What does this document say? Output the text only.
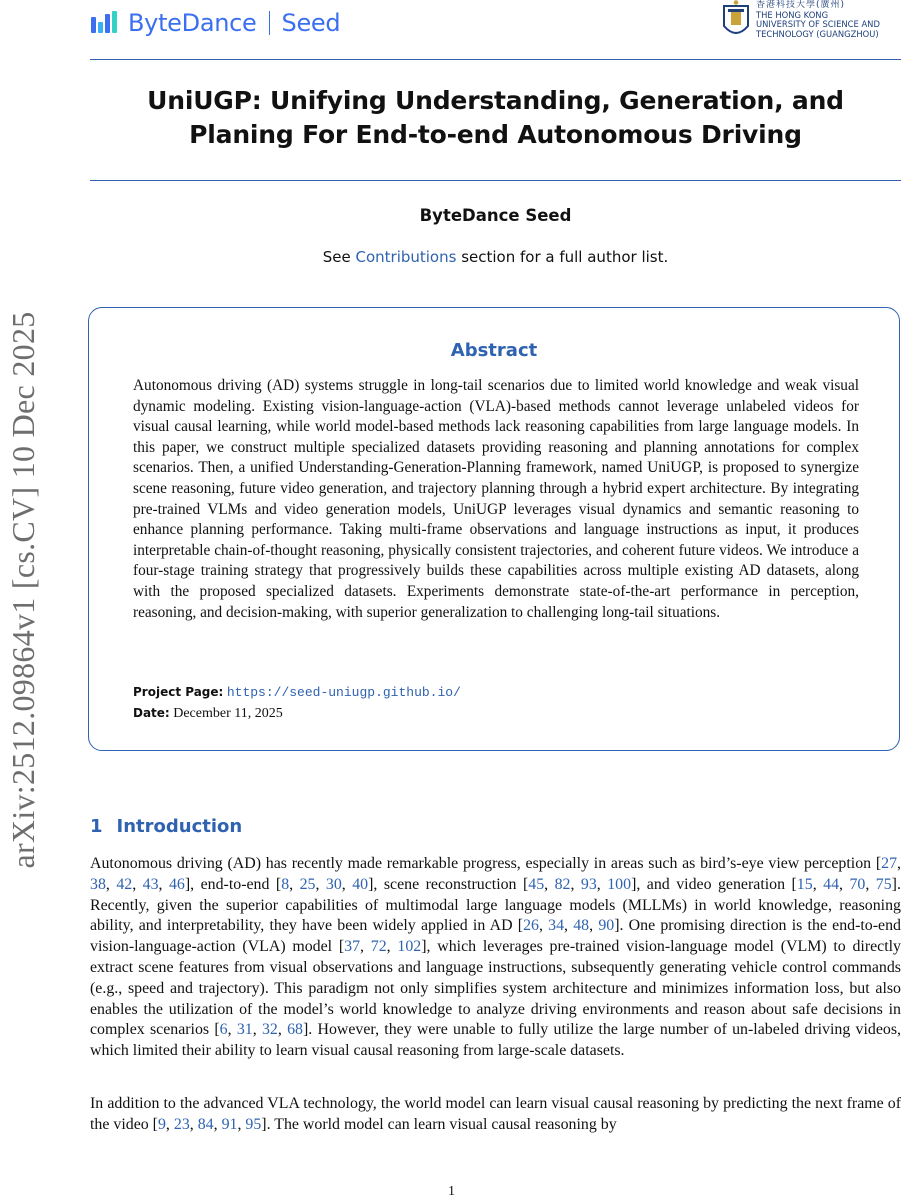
arXiv:2512.09864v1 [cs.CV] 10 Dec 2025
ByteDance Seed
香港科技大學(廣州)
THE HONG KONG
UNIVERSITY OF SCIENCE AND
TECHNOLOGY (GUANGZHOU)
UniUGP: Unifying Understanding, Generation, and
Planing For End-to-end Autonomous Driving
ByteDance Seed
See Contributions section for a full author list.
Abstract
Autonomous driving (AD) systems struggle in long-tail scenarios due to limited world knowledge and weak visual dynamic modeling. Existing vision-language-action (VLA)-based methods cannot leverage unlabeled videos for visual causal learning, while world model-based methods lack reasoning capabilities from large language models. In this paper, we construct multiple specialized datasets providing reasoning and planning annotations for complex scenarios. Then, a unified Understanding-Generation-Planning framework, named UniUGP, is proposed to synergize scene reasoning, future video generation, and trajectory planning through a hybrid expert architecture. By integrating pre-trained VLMs and video generation models, UniUGP leverages visual dynamics and semantic reasoning to enhance planning performance. Taking multi-frame observations and language instructions as input, it produces interpretable chain-of-thought reasoning, physically consistent trajectories, and coherent future videos. We introduce a four-stage training strategy that progressively builds these capabilities across multiple existing AD datasets, along with the proposed specialized datasets. Experiments demonstrate state-of-the-art performance in perception, reasoning, and decision-making, with superior generalization to challenging long-tail situations.
Project Page: https://seed-uniugp.github.io/
Date: December 11, 2025
1 Introduction
Autonomous driving (AD) has recently made remarkable progress, especially in areas such as bird’s-eye view perception [27, 38, 42, 43, 46], end-to-end [8, 25, 30, 40], scene reconstruction [45, 82, 93, 100], and video generation [15, 44, 70, 75]. Recently, given the superior capabilities of multimodal large language models (MLLMs) in world knowledge, reasoning ability, and interpretability, they have been widely applied in AD [26, 34, 48, 90]. One promising direction is the end-to-end vision-language-action (VLA) model [37, 72, 102], which leverages pre-trained vision-language model (VLM) to directly extract scene features from visual observations and language instructions, subsequently generating vehicle control commands (e.g., speed and trajectory). This paradigm not only simplifies system architecture and minimizes information loss, but also enables the utilization of the model’s world knowledge to analyze driving environments and reason about safe decisions in complex scenarios [6, 31, 32, 68]. However, they were unable to fully utilize the large number of un-labeled driving videos, which limited their ability to learn visual causal reasoning from large-scale datasets.
In addition to the advanced VLA technology, the world model can learn visual causal reasoning by predicting the next frame of the video [9, 23, 84, 91, 95]. The world model can learn visual causal reasoning by
1
